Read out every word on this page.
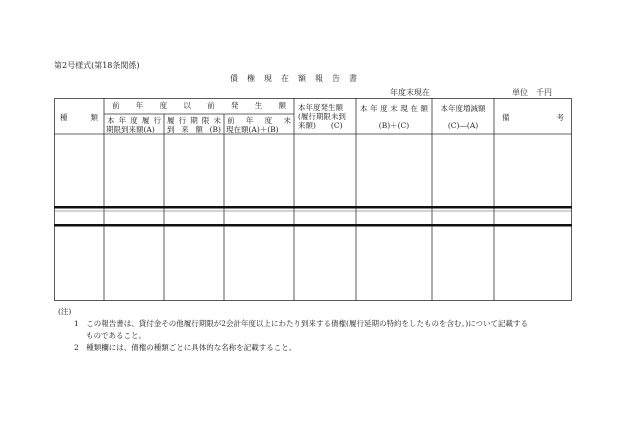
第2号様式(第18条関係)
債権現在額報告書
年度末現在	単位　千円
種類
前年度以前発生額
本年度履行
期限到来額(A)
履行期限未
到来額(B)
前年度末
現在額(A)＋(B)
本年度発生額
(履行期限未到
来額)　　(C)
本年度末現在額
(B)＋(C)
本年度増減額
(C)―(A)
備考
(注)
1　この報告書は、貸付金その他履行期限が2会計年度以上にわたり到来する債権(履行延期の特約をしたものを含む。)について記載する
ものであること。
2　種類欄には、債権の種類ごとに具体的な名称を記載すること。
